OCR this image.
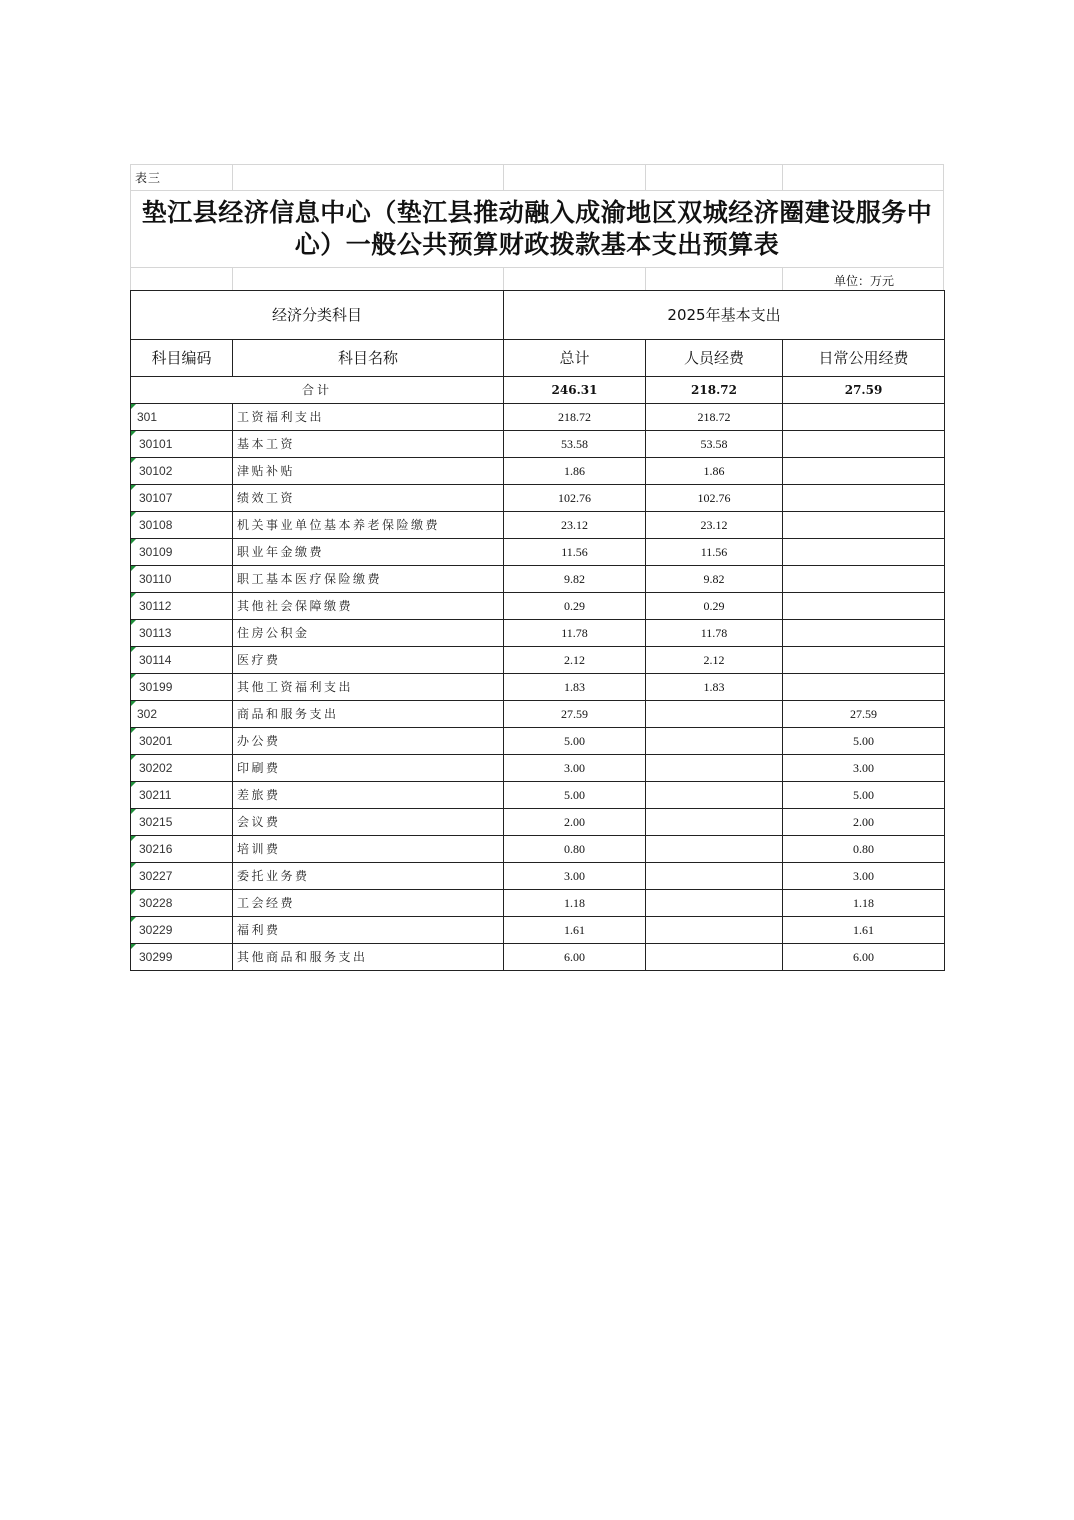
表三
垫江县经济信息中心（垫江县推动融入成渝地区双城经济圈建设服务中
心）一般公共预算财政拨款基本支出预算表
单位：万元
经济分类科目		2025年基本支出		
科目编码	科目名称	总计	人员经费	日常公用经费
合计		246.31	218.72	27.59
301	工资福利支出	218.72	218.72	
30101	基本工资	53.58	53.58	
30102	津贴补贴	1.86	1.86	
30107	绩效工资	102.76	102.76	
30108	机关事业单位基本养老保险缴费	23.12	23.12	
30109	职业年金缴费	11.56	11.56	
30110	职工基本医疗保险缴费	9.82	9.82	
30112	其他社会保障缴费	0.29	0.29	
30113	住房公积金	11.78	11.78	
30114	医疗费	2.12	2.12	
30199	其他工资福利支出	1.83	1.83	
302	商品和服务支出	27.59		27.59
30201	办公费	5.00		5.00
30202	印刷费	3.00		3.00
30211	差旅费	5.00		5.00
30215	会议费	2.00		2.00
30216	培训费	0.80		0.80
30227	委托业务费	3.00		3.00
30228	工会经费	1.18		1.18
30229	福利费	1.61		1.61
30299	其他商品和服务支出	6.00		6.00
